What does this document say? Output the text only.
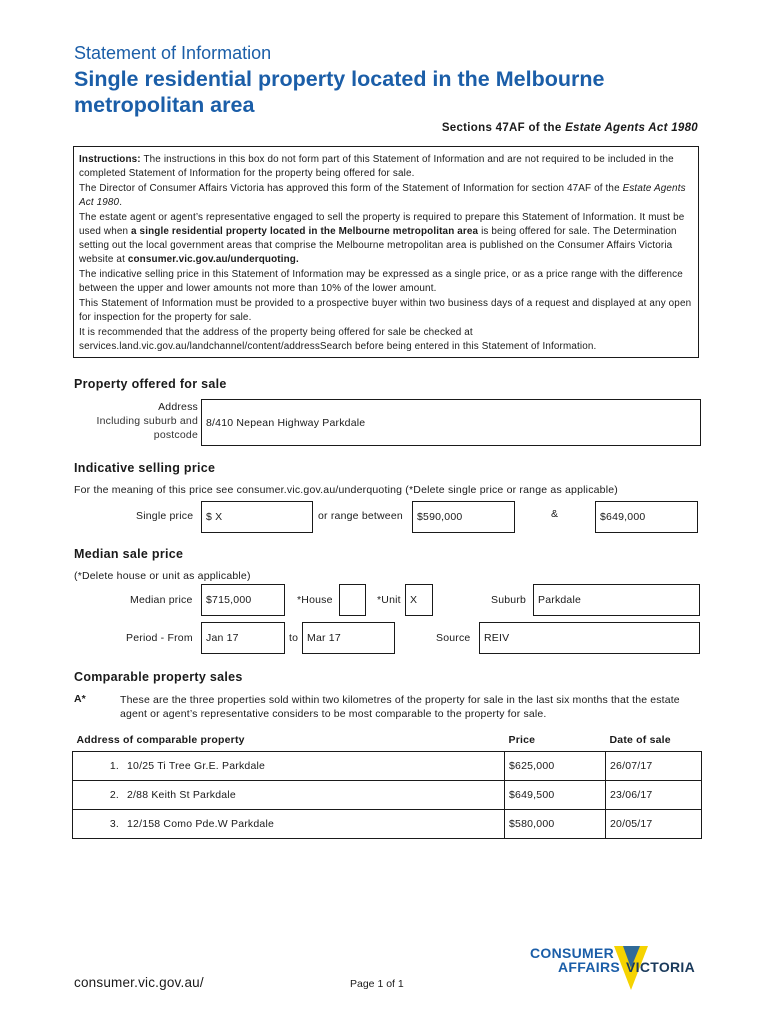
Statement of Information
Single residential property located in the Melbourne
metropolitan area
Sections 47AF of the Estate Agents Act 1980

Instructions: The instructions in this box do not form part of this Statement of Information and are not required to be included in the completed Statement of Information for the property being offered for sale.

The Director of Consumer Affairs Victoria has approved this form of the Statement of Information for section 47AF of the Estate Agents Act 1980.

The estate agent or agent’s representative engaged to sell the property is required to prepare this Statement of Information. It must be used when a single residential property located in the Melbourne metropolitan area is being offered for sale. The Determination setting out the local government areas that comprise the Melbourne metropolitan area is published on the Consumer Affairs Victoria website at consumer.vic.gov.au/underquoting.

The indicative selling price in this Statement of Information may be expressed as a single price, or as a price range with the difference between the upper and lower amounts not more than 10% of the lower amount.

This Statement of Information must be provided to a prospective buyer within two business days of a request and displayed at any open for inspection for the property for sale.

It is recommended that the address of the property being offered for sale be checked at services.land.vic.gov.au/landchannel/content/addressSearch before being entered in this Statement of Information.

Property offered for sale
Address
Including suburb and
postcode
8/410 Nepean Highway Parkdale
Indicative selling price
For the meaning of this price see consumer.vic.gov.au/underquoting (*Delete single price or range as applicable)
Single price	$ X	or range between	$590,000	&	$649,000
Median sale price
(*Delete house or unit as applicable)
Median price	$715,000	*House	*Unit X	Suburb	Parkdale
Period - From	Jan 17	to Mar 17	Source	REIV
Comparable property sales
A*	These are the three properties sold within two kilometres of the property for sale in the last six months that the estate agent or agent’s representative considers to be most comparable to the property for sale.
Address of comparable property	Price	Date of sale
1. 10/25 Ti Tree Gr.E. Parkdale	$625,000	26/07/17
2. 2/88 Keith St Parkdale	$649,500	23/06/17
3. 12/158 Como Pde.W Parkdale	$580,000	20/05/17
CONSUMER
AFFAIRS VICTORIA
consumer.vic.gov.au/	Page 1 of 1
